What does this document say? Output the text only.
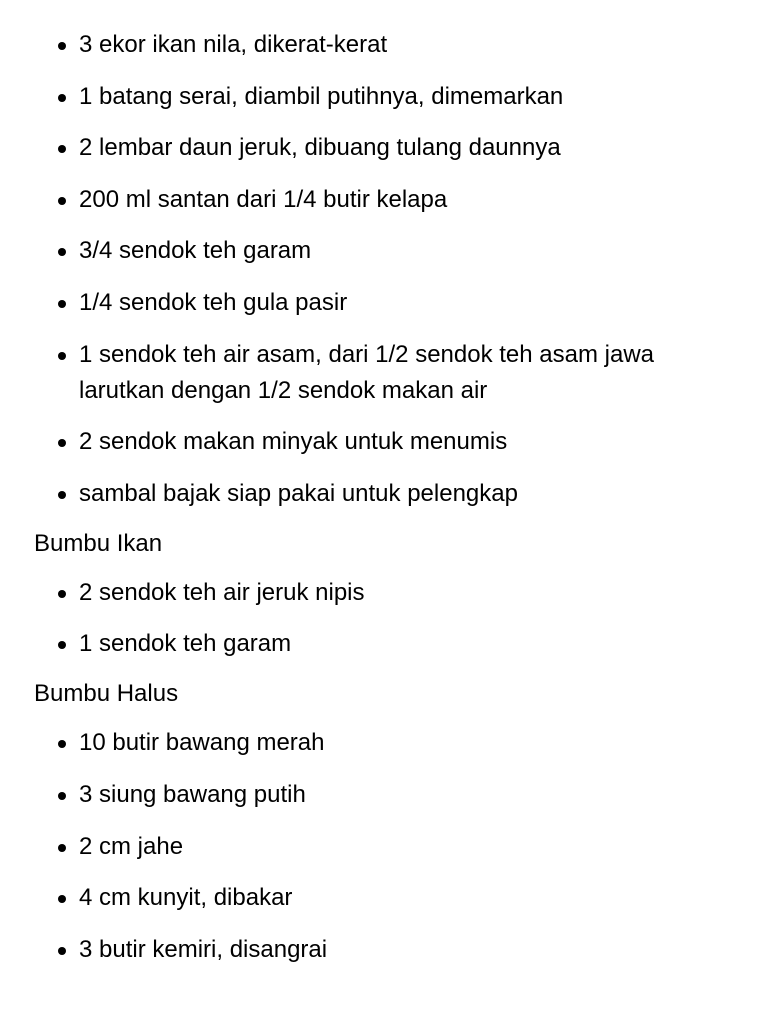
3 ekor ikan nila, dikerat-kerat
1 batang serai, diambil putihnya, dimemarkan
2 lembar daun jeruk, dibuang tulang daunnya
200 ml santan dari 1/4 butir kelapa
3/4 sendok teh garam
1/4 sendok teh gula pasir
1 sendok teh air asam, dari 1/2 sendok teh asam jawa larutkan dengan 1/2 sendok makan air
2 sendok makan minyak untuk menumis
sambal bajak siap pakai untuk pelengkap
Bumbu Ikan
2 sendok teh air jeruk nipis
1 sendok teh garam
Bumbu Halus
10 butir bawang merah
3 siung bawang putih
2 cm jahe
4 cm kunyit, dibakar
3 butir kemiri, disangrai
